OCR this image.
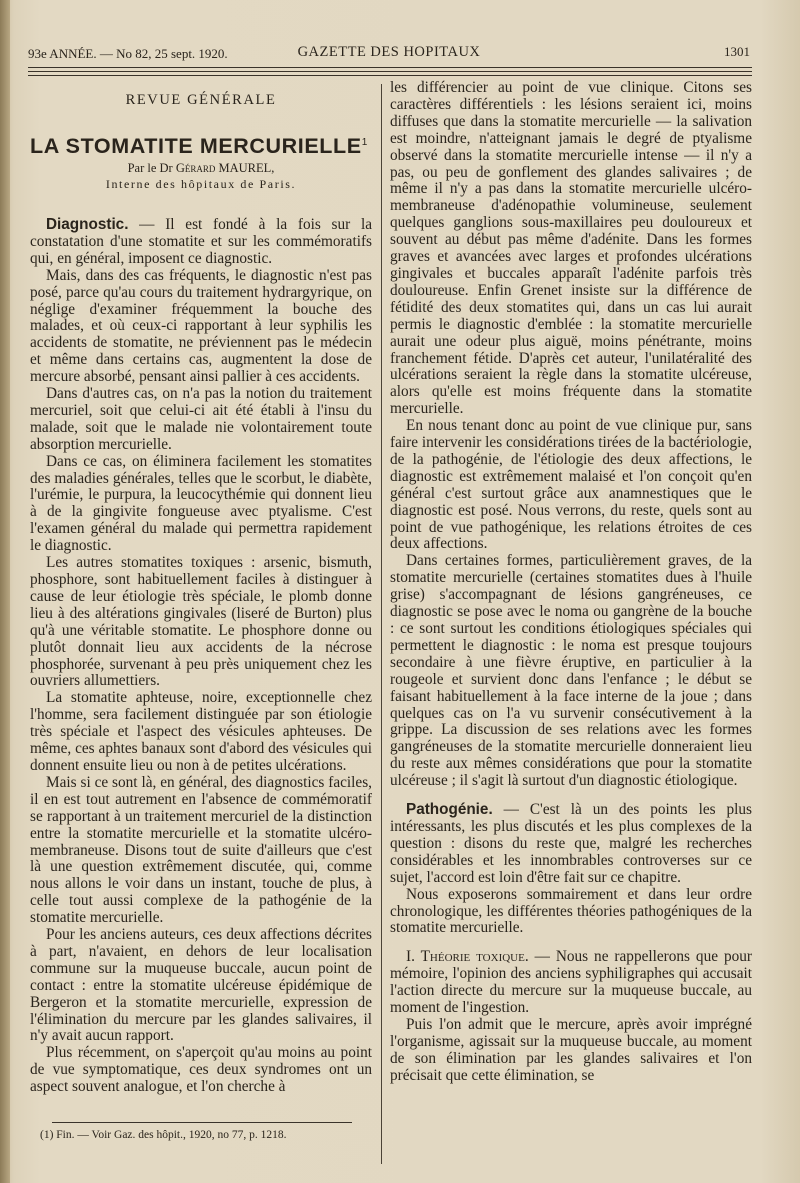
93e ANNÉE. — No 82, 25 sept. 1920.	GAZETTE DES HOPITAUX	1301
REVUE GÉNÉRALE
LA STOMATITE MERCURIELLE$^1$
Par le Dr Gérard MAUREL,
Interne des hôpitaux de Paris.

Diagnostic. — Il est fondé à la fois sur la constatation d'une stomatite et sur les commémoratifs qui, en général, imposent ce diagnostic.

Mais, dans des cas fréquents, le diagnostic n'est pas posé, parce qu'au cours du traitement hydrargyrique, on néglige d'examiner fréquemment la bouche des malades, et où ceux-ci rapportant à leur syphilis les accidents de stomatite, ne préviennent pas le médecin et même dans certains cas, augmentent la dose de mercure absorbé, pensant ainsi pallier à ces accidents.

Dans d'autres cas, on n'a pas la notion du traitement mercuriel, soit que celui-ci ait été établi à l'insu du malade, soit que le malade nie volontairement toute absorption mercurielle.

Dans ce cas, on éliminera facilement les stomatites des maladies générales, telles que le scorbut, le diabète, l'urémie, le purpura, la leucocythémie qui donnent lieu à de la gingivite fongueuse avec ptyalisme. C'est l'examen général du malade qui permettra rapidement le diagnostic.

Les autres stomatites toxiques : arsenic, bismuth, phosphore, sont habituellement faciles à distinguer à cause de leur étiologie très spéciale, le plomb donne lieu à des altérations gingivales (liseré de Burton) plus qu'à une véritable stomatite. Le phosphore donne ou plutôt donnait lieu aux accidents de la nécrose phosphorée, survenant à peu près uniquement chez les ouvriers allumettiers.

La stomatite aphteuse, noire, exceptionnelle chez l'homme, sera facilement distinguée par son étiologie très spéciale et l'aspect des vésicules aphteuses. De même, ces aphtes banaux sont d'abord des vésicules qui donnent ensuite lieu ou non à de petites ulcérations.

Mais si ce sont là, en général, des diagnostics faciles, il en est tout autrement en l'absence de commémoratif se rapportant à un traitement mercuriel de la distinction entre la stomatite mercurielle et la stomatite ulcéro-membraneuse. Disons tout de suite d'ailleurs que c'est là une question extrêmement discutée, qui, comme nous allons le voir dans un instant, touche de plus, à celle tout aussi complexe de la pathogénie de la stomatite mercurielle.

Pour les anciens auteurs, ces deux affections décrites à part, n'avaient, en dehors de leur localisation commune sur la muqueuse buccale, aucun point de contact : entre la stomatite ulcéreuse épidémique de Bergeron et la stomatite mercurielle, expression de l'élimination du mercure par les glandes salivaires, il n'y avait aucun rapport.

Plus récemment, on s'aperçoit qu'au moins au point de vue symptomatique, ces deux syndromes ont un aspect souvent analogue, et l'on cherche à

les différencier au point de vue clinique. Citons ses caractères différentiels : les lésions seraient ici, moins diffuses que dans la stomatite mercurielle — la salivation est moindre, n'atteignant jamais le degré de ptyalisme observé dans la stomatite mercurielle intense — il n'y a pas, ou peu de gonflement des glandes salivaires ; de même il n'y a pas dans la stomatite mercurielle ulcéro-membraneuse d'adénopathie volumineuse, seulement quelques ganglions sous-maxillaires peu douloureux et souvent au début pas même d'adénite. Dans les formes graves et avancées avec larges et profondes ulcérations gingivales et buccales apparaît l'adénite parfois très douloureuse. Enfin Grenet insiste sur la différence de fétidité des deux stomatites qui, dans un cas lui aurait permis le diagnostic d'emblée : la stomatite mercurielle aurait une odeur plus aiguë, moins pénétrante, moins franchement fétide. D'après cet auteur, l'unilatéralité des ulcérations seraient la règle dans la stomatite ulcéreuse, alors qu'elle est moins fréquente dans la stomatite mercurielle.

En nous tenant donc au point de vue clinique pur, sans faire intervenir les considérations tirées de la bactériologie, de la pathogénie, de l'étiologie des deux affections, le diagnostic est extrêmement malaisé et l'on conçoit qu'en général c'est surtout grâce aux anamnestiques que le diagnostic est posé. Nous verrons, du reste, quels sont au point de vue pathogénique, les relations étroites de ces deux affections.

Dans certaines formes, particulièrement graves, de la stomatite mercurielle (certaines stomatites dues à l'huile grise) s'accompagnant de lésions gangréneuses, ce diagnostic se pose avec le noma ou gangrène de la bouche : ce sont surtout les conditions étiologiques spéciales qui permettent le diagnostic : le noma est presque toujours secondaire à une fièvre éruptive, en particulier à la rougeole et survient donc dans l'enfance ; le début se faisant habituellement à la face interne de la joue ; dans quelques cas on l'a vu survenir consécutivement à la grippe. La discussion de ses relations avec les formes gangréneuses de la stomatite mercurielle donneraient lieu du reste aux mêmes considérations que pour la stomatite ulcéreuse ; il s'agit là surtout d'un diagnostic étiologique.

Pathogénie. — C'est là un des points les plus intéressants, les plus discutés et les plus complexes de la question : disons du reste que, malgré les recherches considérables et les innombrables controverses sur ce sujet, l'accord est loin d'être fait sur ce chapitre.

Nous exposerons sommairement et dans leur ordre chronologique, les différentes théories pathogéniques de la stomatite mercurielle.

I. Théorie toxique. — Nous ne rappellerons que pour mémoire, l'opinion des anciens syphiligraphes qui accusait l'action directe du mercure sur la muqueuse buccale, au moment de l'ingestion.

Puis l'on admit que le mercure, après avoir imprégné l'organisme, agissait sur la muqueuse buccale, au moment de son élimination par les glandes salivaires et l'on précisait que cette élimination, se

(1) Fin. — Voir Gaz. des hôpit., 1920, no 77, p. 1218.
